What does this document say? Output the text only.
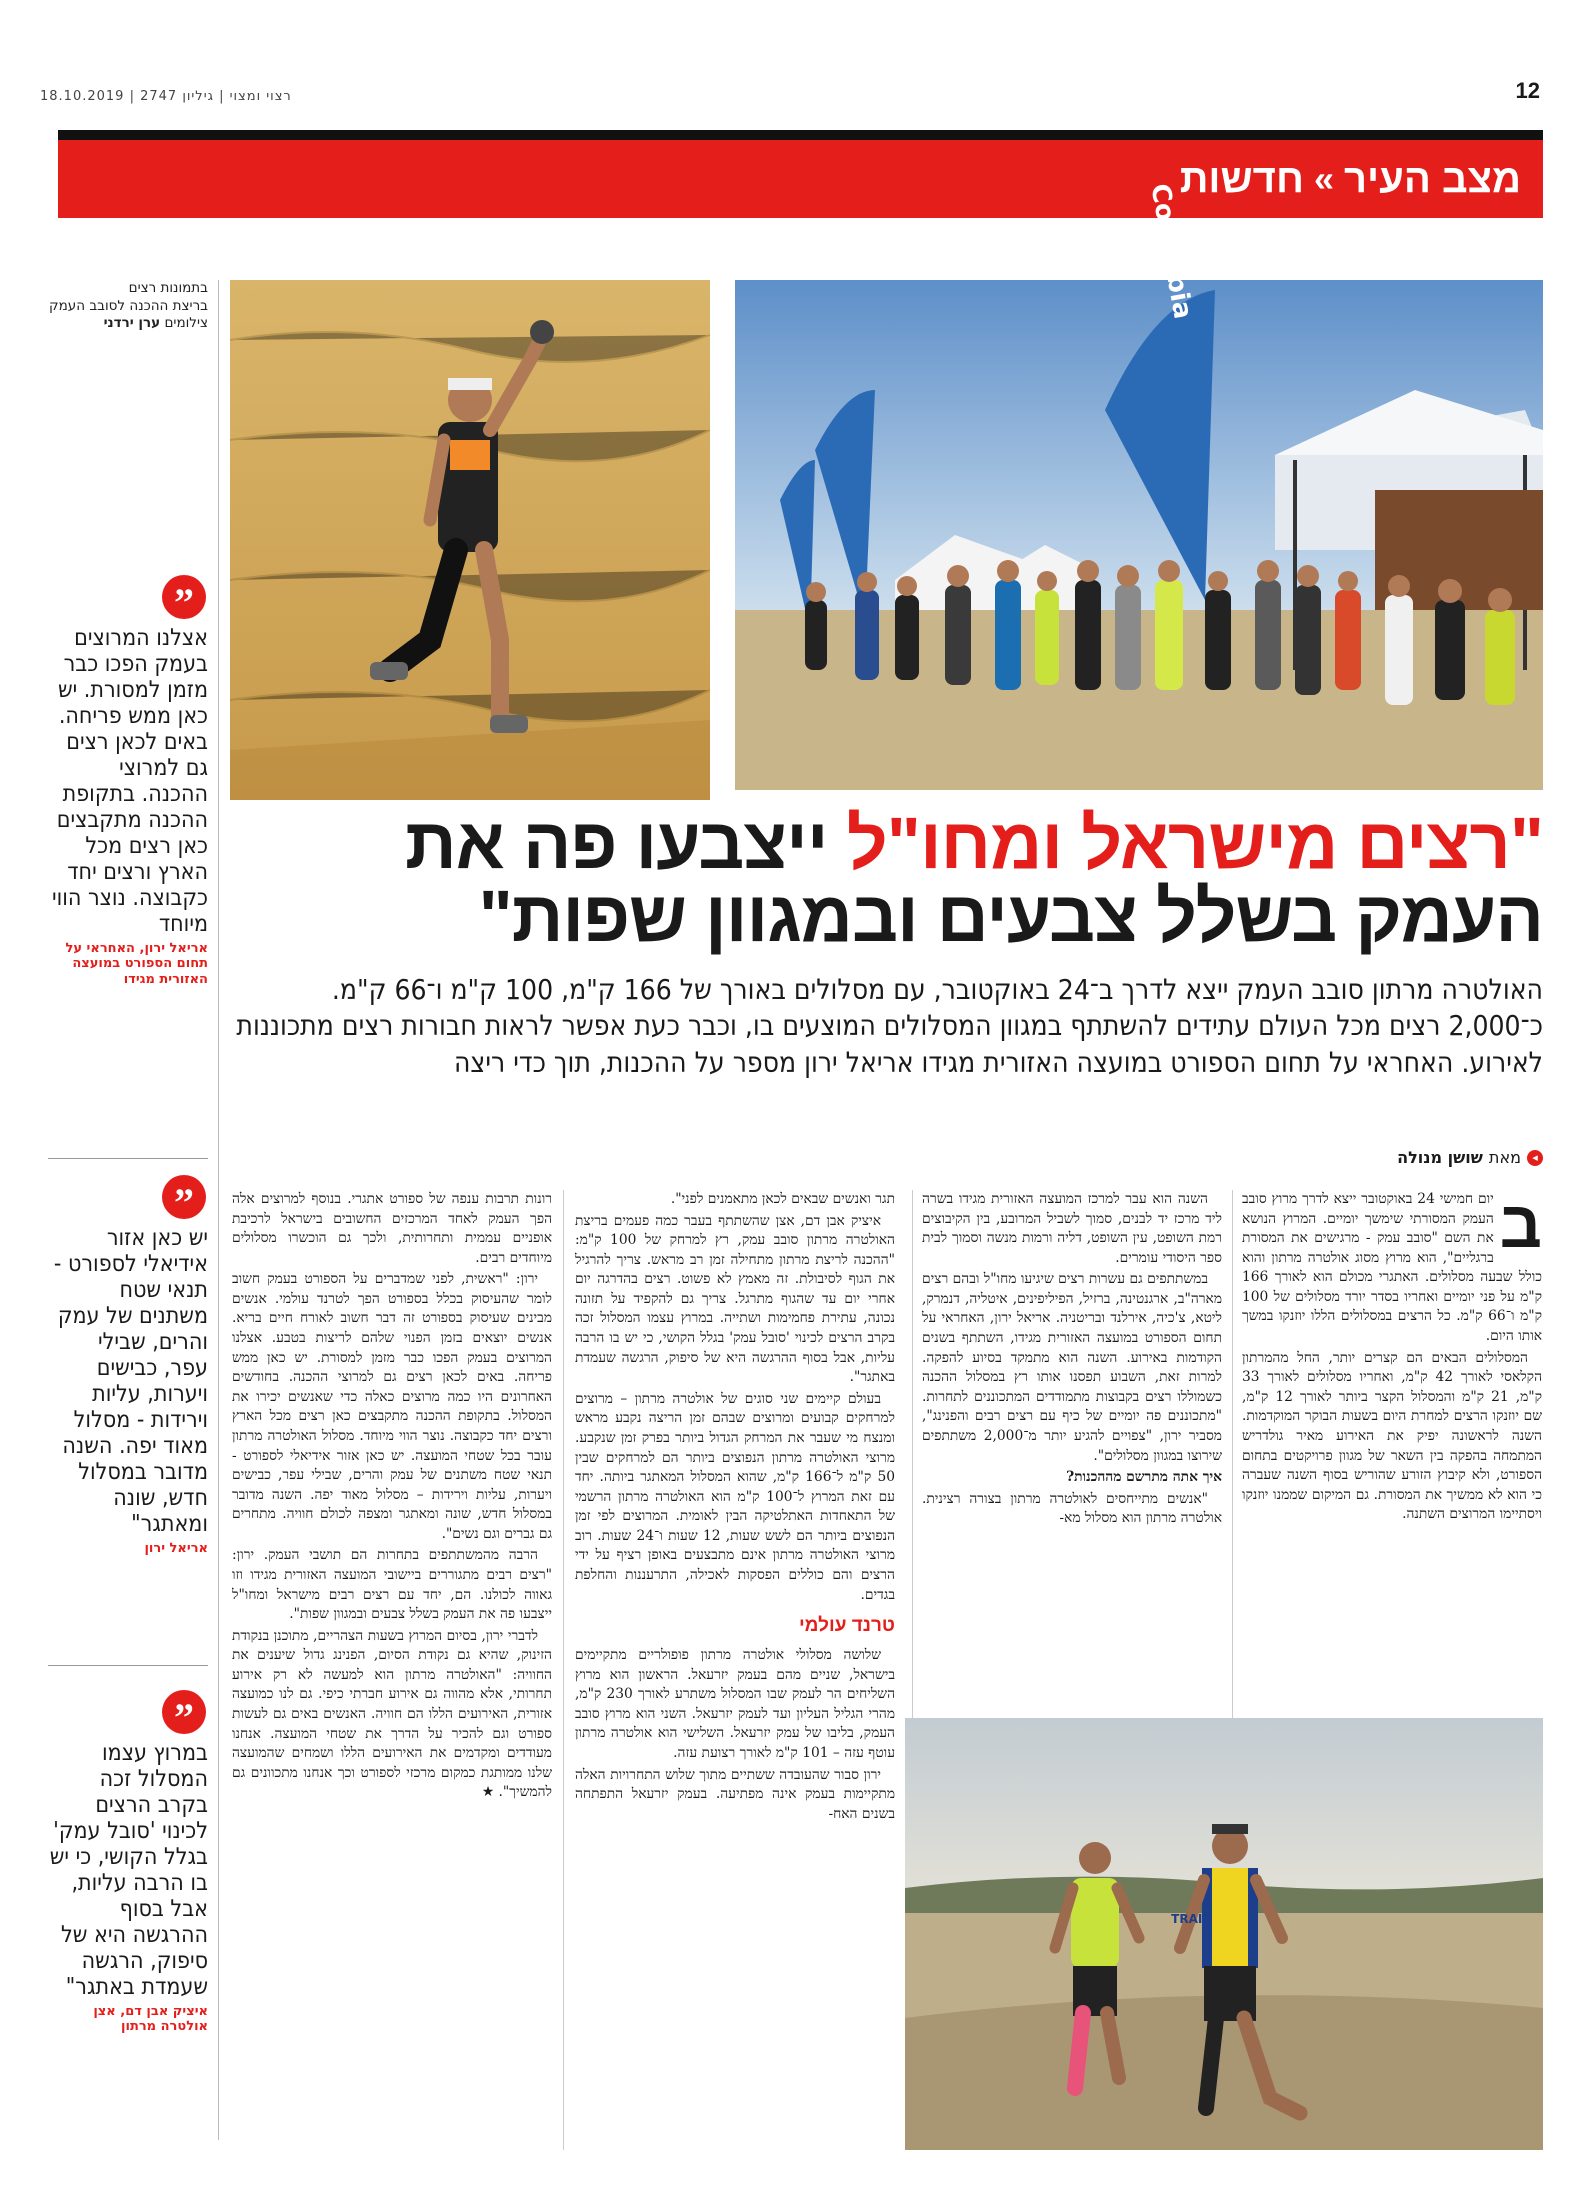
רצוי ומצוי | גיליון 2747 | 18.10.2019	12
מצב העיר
»
חדשות
בתמונות רצים
בריצת ההכנה לסובב העמק
צילומים ערן ירדני
Columbia
”
אצלנו המרוצים בעמק הפכו כבר מזמן למסורת. יש כאן ממש פריחה. באים לכאן רצים גם למרוצי ההכנה. בתקופת ההכנה מתקבצים כאן רצים מכל הארץ ורצים יחד כקבוצה. נוצר הווי מיוחד
אריאל ירון, האחראי על תחום הספורט במועצה האזורית מגידו
”
יש כאן אזור אידיאלי לספורט - תנאי שטח משתנים של עמק והרים, שבילי עפר, כבישים ויערות, עליות וירידות - מסלול מאוד יפה. השנה מדובר במסלול חדש, שונה ומאתגר"
אריאל ירון
”
במרוץ עצמו המסלול זכה בקרב הרצים לכינוי 'סובל עמק' בגלל הקושי, כי יש בו הרבה עליות, אבל בסוף ההרגשה היא של סיפוק, הרגשה שעמדת באתגר"
איציק אבן דם, אצן אולטרה מרתון
"רצים מישראל ומחו"ל ייצבעו פה את העמק בשלל צבעים ובמגוון שפות"
האולטרה מרתון סובב העמק ייצא לדרך ב־24 באוקטובר, עם מסלולים באורך של 166 ק"מ, 100 ק"מ ו־66 ק"מ. כ־2,000 רצים מכל העולם עתידים להשתתף במגוון המסלולים המוצעים בו, וכבר כעת אפשר לראות חבורות רצים מתכוננות לאירוע. האחראי על תחום הספורט במועצה האזורית מגידו אריאל ירון מספר על ההכנות, תוך כדי ריצה
◂
מאת
שושן מנולה
ב

יום חמישי 24 באוקטובר ייצא לדרך מרוץ סובב העמק המסורתי שימשך יומיים. המרוץ הנושא את השם "סובב עמק - מרגישים את המסורת ברגליים", הוא מרוץ מסוג אולטרה מרתון והוא כולל שבעה מסלולים. האתגרי מכולם הוא לאורך 166 ק"מ על פני יומיים ואחריו בסדר יורד מסלולים של 100 ק"מ ו־66 ק"מ. כל הרצים במסלולים הללו יוזנקו במשך אותו היום.

המסלולים הבאים הם קצרים יותר, החל מהמרתון הקלאסי לאורך 42 ק"מ, ואחריו מסלולים לאורך 33 ק"מ, 21 ק"מ והמסלול הקצר ביותר לאורך 12 ק"מ, שם יוזנקו הרצים למחרת היום בשעות הבוקר המוקדמות. השנה לראשונה יפיק את האירוע מאיר גולדריש המתמחה בהפקה בין השאר של מגוון פרויקטים בתחום הספורט, ולא קיבוץ הזורע שהוריש בסוף השנה שעברה כי הוא לא ממשיך את המסורת. גם המיקום שממנו יוזנקו ויסתיימו המרוצים השתנה.

השנה הוא עבר למרכז המועצה האזורית מגידו בשרה ליד מרכז יד לבנים, סמוך לשביל המרובע, בין הקיבוצים רמת השופט, עין השופט, דליה ורמות מנשה וסמוך לבית ספר היסודי עומרים.

במשתתפים גם עשרות רצים שיגיעו מחו"ל ובהם רצים מארה"ב, ארגנטינה, ברזיל, הפיליפינים, איטליה, דנמרק, ליטא, צ'כיה, אירלנד ובריטניה. אריאל ירון, האחראי על תחום הספורט במועצה האזורית מגידו, השתתף בשנים הקודמות באירוע. השנה הוא מתמקד בסיוע להפקה. למרות זאת, השבוע תפסנו אותו רץ במסלול ההכנה כשמוללו רצים בקבוצות מתמודדים המתכוננים לתחרות. "מתכוננים פה יומיים של כיף עם רצים רבים והפנינג", מסביר ירון, "צפויים להגיע יותר מ־2,000 משתתפים שירוצו במגוון מסלולים".

איך אתה מתרשם מההכנות?

"אנשים מתייחסים לאולטרה מרתון בצורה רצינית. אולטרה מרתון הוא מסלול מא-

TRAIL

תגר ואנשים שבאים לכאן מתאמנים לפני".

איציק אבן דם, אצן שהשתתף בעבר כמה פעמים בריצת האולטרה מרתון סובב עמק, רץ למרחק של 100 ק"מ: "ההכנה לריצת מרתון מתחילה זמן רב מראש. צריך להרגיל את הגוף לסיבולת. זה מאמץ לא פשוט. רצים בהדרגה יום אחרי יום עד שהגוף מתרגל. צריך גם להקפיד על תזונה נכונה, עתירת פחמימות ושתייה. במרוץ עצמו המסלול זכה בקרב הרצים לכינוי 'סובל עמק' בגלל הקושי, כי יש בו הרבה עליות, אבל בסוף ההרגשה היא של סיפוק, הרגשה שעמדת באתגר".

בעולם קיימים שני סוגים של אולטרה מרתון – מרוצים למרחקים קבועים ומרוצים שבהם זמן הריצה נקבע מראש ומנצח מי שעבר את המרחק הגדול ביותר בפרק זמן שנקבע. מרוצי האולטרה מרתון הנפוצים ביותר הם למרחקים שבין 50 ק"מ ל־166 ק"מ, שהוא המסלול המאתגר ביותה. יחד עם זאת המרוץ ל־100 ק"מ הוא האולטרה מרתון הרשמי של התאחדות האתלטיקה הבין לאומית. המרוצים לפי זמן הנפוצים ביותר הם לשש שעות, 12 שעות ו־24 שעות. רוב מרוצי האולטרה מרתון אינם מתבצעים באופן רציף על ידי הרצים והם כוללים הפסקות לאכילה, התרעננות והחלפת בגדים.

טרנד עולמי

שלושה מסלולי אולטרה מרתון פופולריים מתקיימים בישראל, שניים מהם בעמק יזרעאל. הראשון הוא מרוץ השליחים הר לעמק שבו המסלול משתרע לאורך 230 ק"מ, מהרי הגליל העליון ועד לעמק יזרעאל. השני הוא מרוץ סובב העמק, בליבו של עמק יזרעאל. השלישי הוא אולטרה מרתון עוטף עזה – 101 ק"מ לאורך רצועת עזה.

ירון סבור שהעובדה ששתיים מתוך שלוש התחרויות האלה מתקיימות בעמק אינה מפתיעה. בעמק יזרעאל התפתחה בשנים האח-

רונות תרבות ענפה של ספורט אתגרי. בנוסף למרוצים אלה הפך העמק לאחד המרכזים החשובים בישראל לרכיבת אופניים עממית ותחרותית, ולכך גם הוכשרו מסלולים מיוחדים רבים.

ירון: "ראשית, לפני שמדברים על הספורט בעמק חשוב לומר שהעיסוק בכלל בספורט הפך לטרנד עולמי. אנשים מבינים שעיסוק בספורט זה דבר חשוב לאורח חיים בריא. אנשים יוצאים בזמן הפנוי שלהם לריצות בטבע. אצלנו המרוצים בעמק הפכו כבר מזמן למסורת. יש כאן ממש פריחה. באים לכאן רצים גם למרוצי ההכנה. בחודשים האחרונים היו כמה מרוצים כאלה כדי שאנשים יכירו את המסלול. בתקופת ההכנה מתקבצים כאן רצים מכל הארץ ורצים יחד כקבוצה. נוצר הווי מיוחד. מסלול האולטרה מרתון עובר בכל שטחי המועצה. יש כאן אזור אידיאלי לספורט - תנאי שטח משתנים של עמק והרים, שבילי עפר, כבישים ויערות, עליות וירידות – מסלול מאוד יפה. השנה מדובר במסלול חדש, שונה ומאתגר ומצפה לכולם חוויה. מתחרים גם גברים וגם נשים".

הרבה מהמשתתפים בתחרות הם תושבי העמק. ירון: "רצים רבים מתגוררים ביישובי המועצה האזורית מגידו וזו גאווה לכולנו. הם, יחד עם רצים רבים מישראל ומחו"ל ייצבעו פה את העמק בשלל צבעים ובמגוון שפות".

לדברי ירון, בסיום המרוץ בשעות הצהריים, מתוכנן בנקודת הזינוק, שהיא גם נקודת הסיום, הפנינג גדול שיענים את החוויה: "האולטרה מרתון הוא למעשה לא רק אירוע תחרותי, אלא מהווה גם אירוע חברתי כיפי. גם לנו כמועצה אזורית, האירועים הללו הם חוויה. האנשים באים גם לעשות ספורט וגם להכיר על הדרך את שטחי המועצה. אנחנו מעודדים ומקדמים את האירועים הללו ושמחים שהמועצה שלנו ממותגת כמקום מרכזי לספורט וכך אנחנו מתכוונים גם להמשיך". ★
